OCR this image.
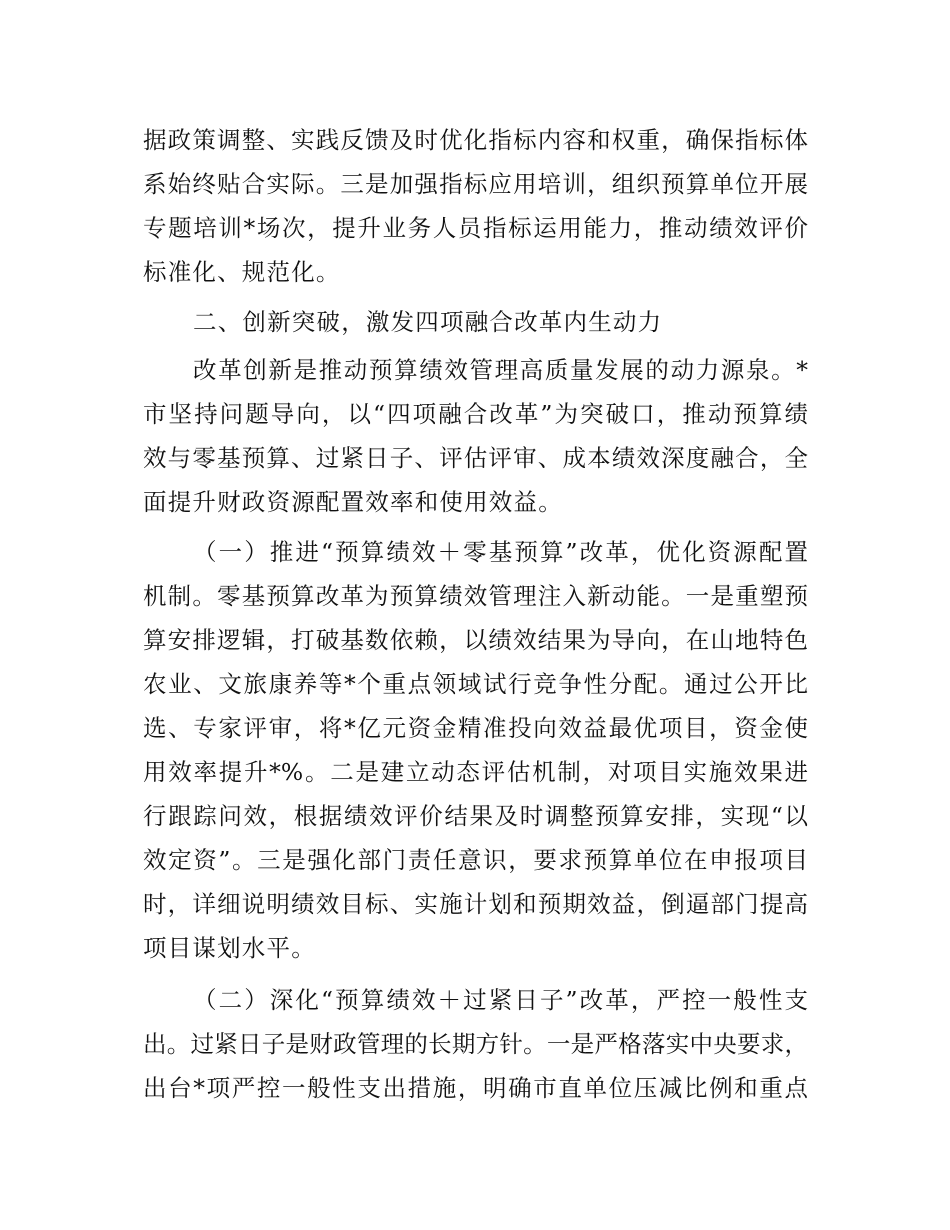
据政策调整、实践反馈及时优化指标内容和权重，确保指标体
系始终贴合实际。三是加强指标应用培训，组织预算单位开展
专题培训*场次，提升业务人员指标运用能力，推动绩效评价
标准化、规范化。
二、创新突破，激发四项融合改革内生动力
改革创新是推动预算绩效管理高质量发展的动力源泉。*
市坚持问题导向，以“四项融合改革”为突破口，推动预算绩
效与零基预算、过紧日子、评估评审、成本绩效深度融合，全
面提升财政资源配置效率和使用效益。
（一）推进“预算绩效＋零基预算”改革，优化资源配置
机制。零基预算改革为预算绩效管理注入新动能。一是重塑预
算安排逻辑，打破基数依赖，以绩效结果为导向，在山地特色
农业、文旅康养等*个重点领域试行竞争性分配。通过公开比
选、专家评审，将*亿元资金精准投向效益最优项目，资金使
用效率提升*%。二是建立动态评估机制，对项目实施效果进
行跟踪问效，根据绩效评价结果及时调整预算安排，实现“以
效定资”。三是强化部门责任意识，要求预算单位在申报项目
时，详细说明绩效目标、实施计划和预期效益，倒逼部门提高
项目谋划水平。
（二）深化“预算绩效＋过紧日子”改革，严控一般性支
出。过紧日子是财政管理的长期方针。一是严格落实中央要求，
出台*项严控一般性支出措施，明确市直单位压减比例和重点
